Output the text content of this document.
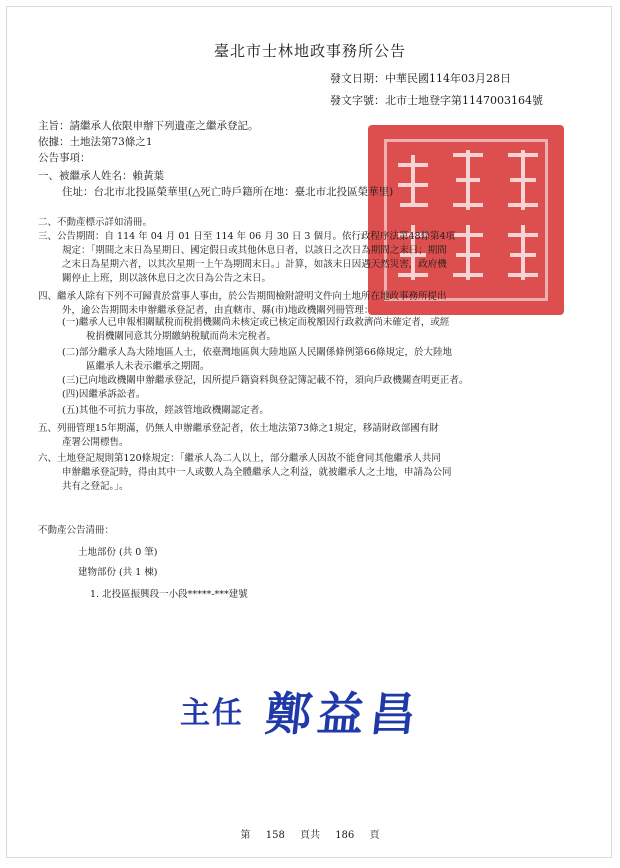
臺北市士林地政事務所公告
發文日期：中華民國114年03月28日
發文字號：北市士地登字第1147003164號
主旨：請繼承人依限申辦下列遺產之繼承登記。
依據：土地法第73條之1
公告事項：
一、被繼承人姓名：賴黃葉
住址：台北市北投區榮華里(△死亡時戶籍所在地：臺北市北投區榮華里)
二、不動產標示詳如清冊。
三、公告期間：自 114 年 04 月 01 日至 114 年 06 月 30 日 3 個月。依行政程序法第48條第4項
規定：「期間之末日為星期日、國定假日或其他休息日者，以該日之次日為期間之末日；期間
之末日為星期六者，以其次星期一上午為期間末日。」計算，如該末日因遇天然災害，政府機
關停止上班，則以該休息日之次日為公告之末日。
四、繼承人除有下列不可歸責於當事人事由，於公告期間檢附證明文件向土地所在地政事務所提出
外，逾公告期間未申辦繼承登記者，由直轄市、縣(市)地政機關列冊管理：
(一)繼承人已申報相關賦稅而稅捐機關尚未核定或已核定而稅額因行政救濟尚未確定者，或經
稅捐機關同意其分期繳納稅賦而尚未完稅者。
(二)部分繼承人為大陸地區人士，依臺灣地區與大陸地區人民關係條例第66條規定，於大陸地
區繼承人未表示繼承之期間。
(三)已向地政機關申辦繼承登記，因所提戶籍資料與登記簿記載不符，須向戶政機關查明更正者。
(四)因繼承訴訟者。
(五)其他不可抗力事故，經該管地政機關認定者。
五、列冊管理15年期滿，仍無人申辦繼承登記者，依土地法第73條之1規定，移請財政部國有財
產署公開標售。
六、土地登記規則第120條規定：「繼承人為二人以上，部分繼承人因故不能會同其他繼承人共同
申辦繼承登記時，得由其中一人或數人為全體繼承人之利益，就被繼承人之土地，申請為公同
共有之登記。」。
不動產公告清冊：
土地部份 (共 0 筆)
建物部份 (共 1 棟)
1. 北投區振興段一小段*****-***建號
主任 鄭益昌
第 158 頁共 186 頁
